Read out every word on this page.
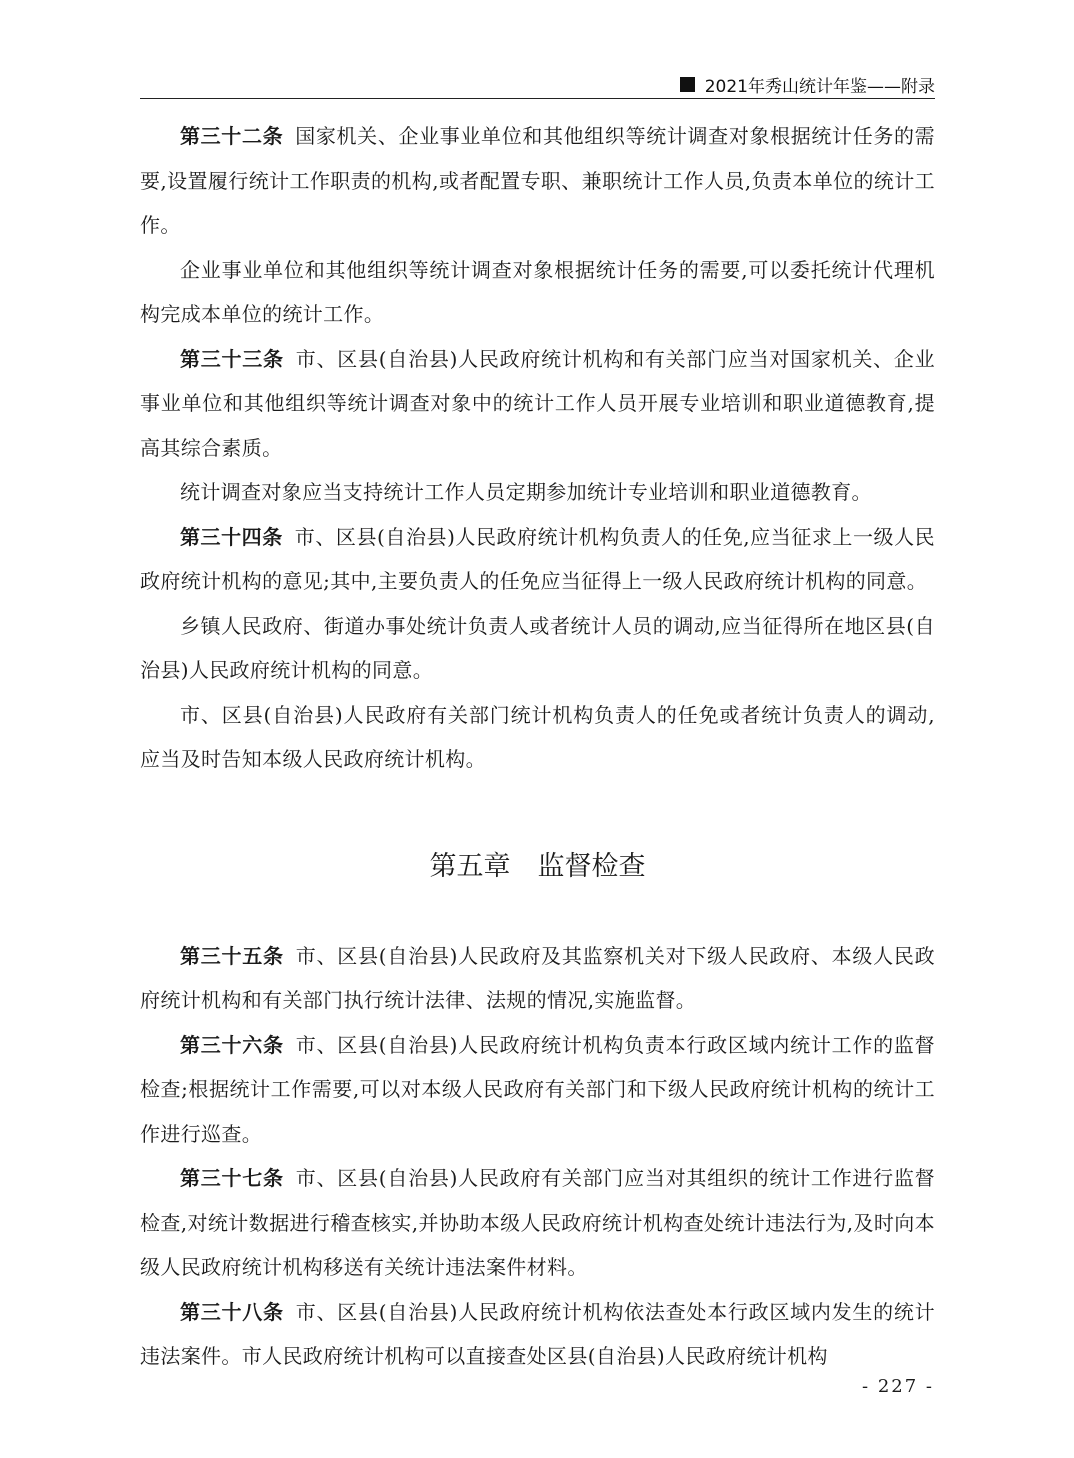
2021年秀山统计年鉴——附录

第三十二条 国家机关、企业事业单位和其他组织等统计调查对象根据统计任务的需要,设置履行统计工作职责的机构,或者配置专职、兼职统计工作人员,负责本单位的统计工作。

企业事业单位和其他组织等统计调查对象根据统计任务的需要,可以委托统计代理机构完成本单位的统计工作。

第三十三条 市、区县(自治县)人民政府统计机构和有关部门应当对国家机关、企业事业单位和其他组织等统计调查对象中的统计工作人员开展专业培训和职业道德教育,提高其综合素质。

统计调查对象应当支持统计工作人员定期参加统计专业培训和职业道德教育。

第三十四条 市、区县(自治县)人民政府统计机构负责人的任免,应当征求上一级人民政府统计机构的意见;其中,主要负责人的任免应当征得上一级人民政府统计机构的同意。

乡镇人民政府、街道办事处统计负责人或者统计人员的调动,应当征得所在地区县(自治县)人民政府统计机构的同意。

市、区县(自治县)人民政府有关部门统计机构负责人的任免或者统计负责人的调动,应当及时告知本级人民政府统计机构。

第五章　监督检查

第三十五条 市、区县(自治县)人民政府及其监察机关对下级人民政府、本级人民政府统计机构和有关部门执行统计法律、法规的情况,实施监督。

第三十六条 市、区县(自治县)人民政府统计机构负责本行政区域内统计工作的监督检查;根据统计工作需要,可以对本级人民政府有关部门和下级人民政府统计机构的统计工作进行巡查。

第三十七条 市、区县(自治县)人民政府有关部门应当对其组织的统计工作进行监督检查,对统计数据进行稽查核实,并协助本级人民政府统计机构查处统计违法行为,及时向本级人民政府统计机构移送有关统计违法案件材料。

第三十八条 市、区县(自治县)人民政府统计机构依法查处本行政区域内发生的统计违法案件。市人民政府统计机构可以直接查处区县(自治县)人民政府统计机构

- 227 -
